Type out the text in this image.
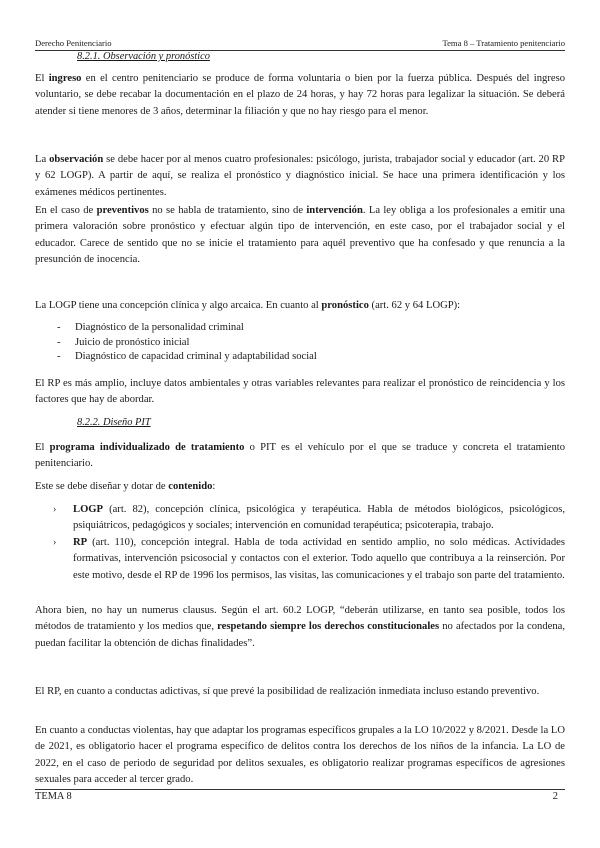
Derecho Penitenciario	Tema 8 – Tratamiento penitenciario
8.2.1. Observación y pronóstico

El ingreso en el centro penitenciario se produce de forma voluntaria o bien por la fuerza pública. Después del ingreso voluntario, se debe recabar la documentación en el plazo de 24 horas, y hay 72 horas para legalizar la situación. Se deberá atender si tiene menores de 3 años, determinar la filiación y que no hay riesgo para el menor.

La observación se debe hacer por al menos cuatro profesionales: psicólogo, jurista, trabajador social y educador (art. 20 RP y 62 LOGP). A partir de aquí, se realiza el pronóstico y diagnóstico inicial. Se hace una primera identificación y los exámenes médicos pertinentes.

En el caso de preventivos no se habla de tratamiento, sino de intervención. La ley obliga a los profesionales a emitir una primera valoración sobre pronóstico y efectuar algún tipo de intervención, en este caso, por el trabajador social y el educador. Carece de sentido que no se inicie el tratamiento para aquél preventivo que ha confesado y que renuncia a la presunción de inocencia.

La LOGP tiene una concepción clínica y algo arcaica. En cuanto al pronóstico (art. 62 y 64 LOGP):

- Diagnóstico de la personalidad criminal
- Juicio de pronóstico inicial
- Diagnóstico de capacidad criminal y adaptabilidad social

El RP es más amplio, incluye datos ambientales y otras variables relevantes para realizar el pronóstico de reincidencia y los factores que hay de abordar.

8.2.2. Diseño PIT

El programa individualizado de tratamiento o PIT es el vehículo por el que se traduce y concreta el tratamiento penitenciario.

Este se debe diseñar y dotar de contenido:

› LOGP (art. 82), concepción clínica, psicológica y terapéutica. Habla de métodos biológicos, psicológicos, psiquiátricos, pedagógicos y sociales; intervención en comunidad terapéutica; psicoterapia, trabajo.
› RP (art. 110), concepción integral. Habla de toda actividad en sentido amplio, no solo médicas. Actividades formativas, intervención psicosocial y contactos con el exterior. Todo aquello que contribuya a la reinserción. Por este motivo, desde el RP de 1996 los permisos, las visitas, las comunicaciones y el trabajo son parte del tratamiento.

Ahora bien, no hay un numerus clausus. Según el art. 60.2 LOGP, “deberán utilizarse, en tanto sea posible, todos los métodos de tratamiento y los medios que, respetando siempre los derechos constitucionales no afectados por la condena, puedan facilitar la obtención de dichas finalidades”.

El RP, en cuanto a conductas adictivas, sí que prevé la posibilidad de realización inmediata incluso estando preventivo.

En cuanto a conductas violentas, hay que adaptar los programas específicos grupales a la LO 10/2022 y 8/2021. Desde la LO de 2021, es obligatorio hacer el programa específico de delitos contra los derechos de los niños de la infancia. La LO de 2022, en el caso de periodo de seguridad por delitos sexuales, es obligatorio realizar programas específicos de agresiones sexuales para acceder al tercer grado.

TEMA 8	2
